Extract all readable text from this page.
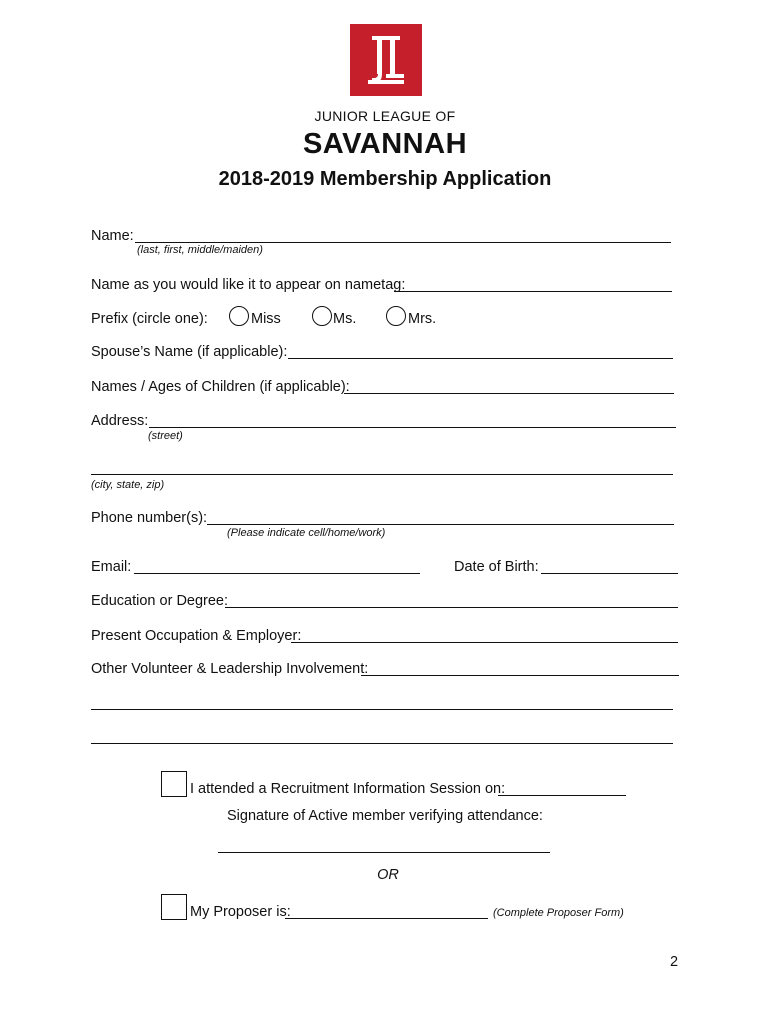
JUNIOR LEAGUE OF
SAVANNAH
2018-2019 Membership Application
Name:
(last, first, middle/maiden)
Name as you would like it to appear on nametag:
Prefix (circle one):	Miss	Ms.	Mrs.
Spouse’s Name (if applicable):
Names / Ages of Children (if applicable):
Address:
(street)
(city, state, zip)
Phone number(s):
(Please indicate cell/home/work)
Email:	Date of Birth:
Education or Degree:
Present Occupation & Employer:
Other Volunteer & Leadership Involvement:
I attended a Recruitment Information Session on:
Signature of Active member verifying attendance:
OR
My Proposer is:	(Complete Proposer Form)
2
